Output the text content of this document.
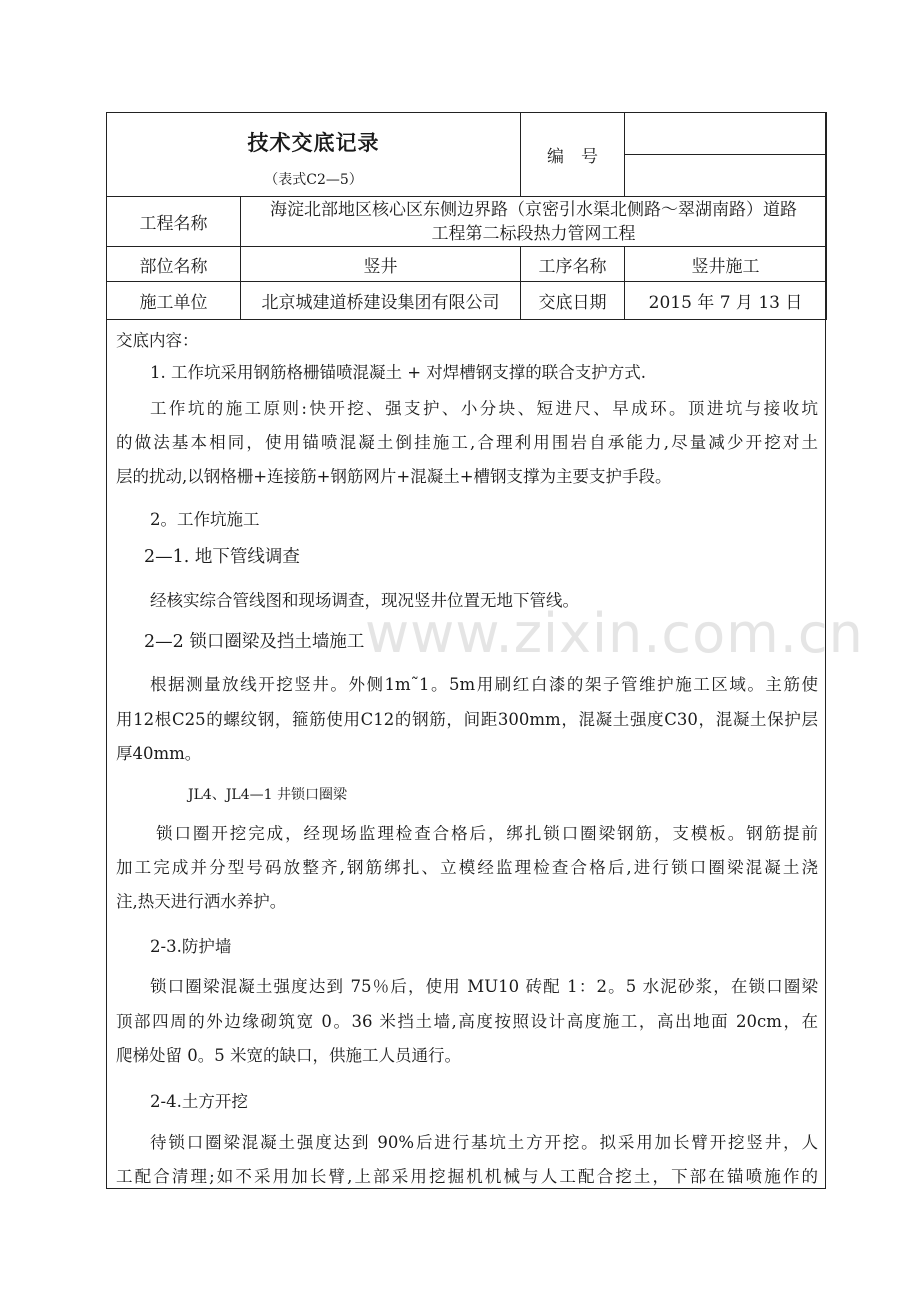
技术交底记录
（表式C2—5）		编　号	

工程名称	海淀北部地区核心区东侧边界路（京密引水渠北侧路～翠湖南路）道路
工程第二标段热力管网工程		
部位名称	竖井	工序名称	竖井施工
施工单位	北京城建道桥建设集团有限公司	交底日期	2015 年 7 月 13 日

交底内容：

1. 工作坑采用钢筋格栅锚喷混凝土 + 对焊槽钢支撑的联合支护方式.

工作坑的施工原则:快开挖、强支护、小分块、短进尺、早成环。顶进坑与接收坑

的做法基本相同，使用锚喷混凝土倒挂施工,合理利用围岩自承能力,尽量减少开挖对土

层的扰动,以钢格栅+连接筋+钢筋网片+混凝土+槽钢支撑为主要支护手段。

2。工作坑施工

2—1. 地下管线调查

经核实综合管线图和现场调查，现况竖井位置无地下管线。

2—2 锁口圈梁及挡土墙施工

根据测量放线开挖竖井。外侧1m˜1。5m用刷红白漆的架子管维护施工区域。主筋使

用12根C25的螺纹钢，箍筋使用C12的钢筋，间距300mm，混凝土强度C30，混凝土保护层

厚40mm。

JL4、JL4—1 井锁口圈梁

锁口圈开挖完成，经现场监理检查合格后，绑扎锁口圈梁钢筋，支模板。钢筋提前

加工完成并分型号码放整齐,钢筋绑扎、立模经监理检查合格后,进行锁口圈梁混凝土浇

注,热天进行洒水养护。

2-3.防护墙

锁口圈梁混凝土强度达到 75％后，使用 MU10 砖配 1：2。5 水泥砂浆，在锁口圈梁

顶部四周的外边缘砌筑宽 0。36 米挡土墙,高度按照设计高度施工，高出地面 20cm，在

爬梯处留 0。5 米宽的缺口，供施工人员通行。

2-4.土方开挖

待锁口圈梁混凝土强度达到 90%后进行基坑土方开挖。拟采用加长臂开挖竖井，人

工配合清理;如不采用加长臂,上部采用挖掘机机械与人工配合挖土，下部在锚喷施作的

www.zixin.com.cn
